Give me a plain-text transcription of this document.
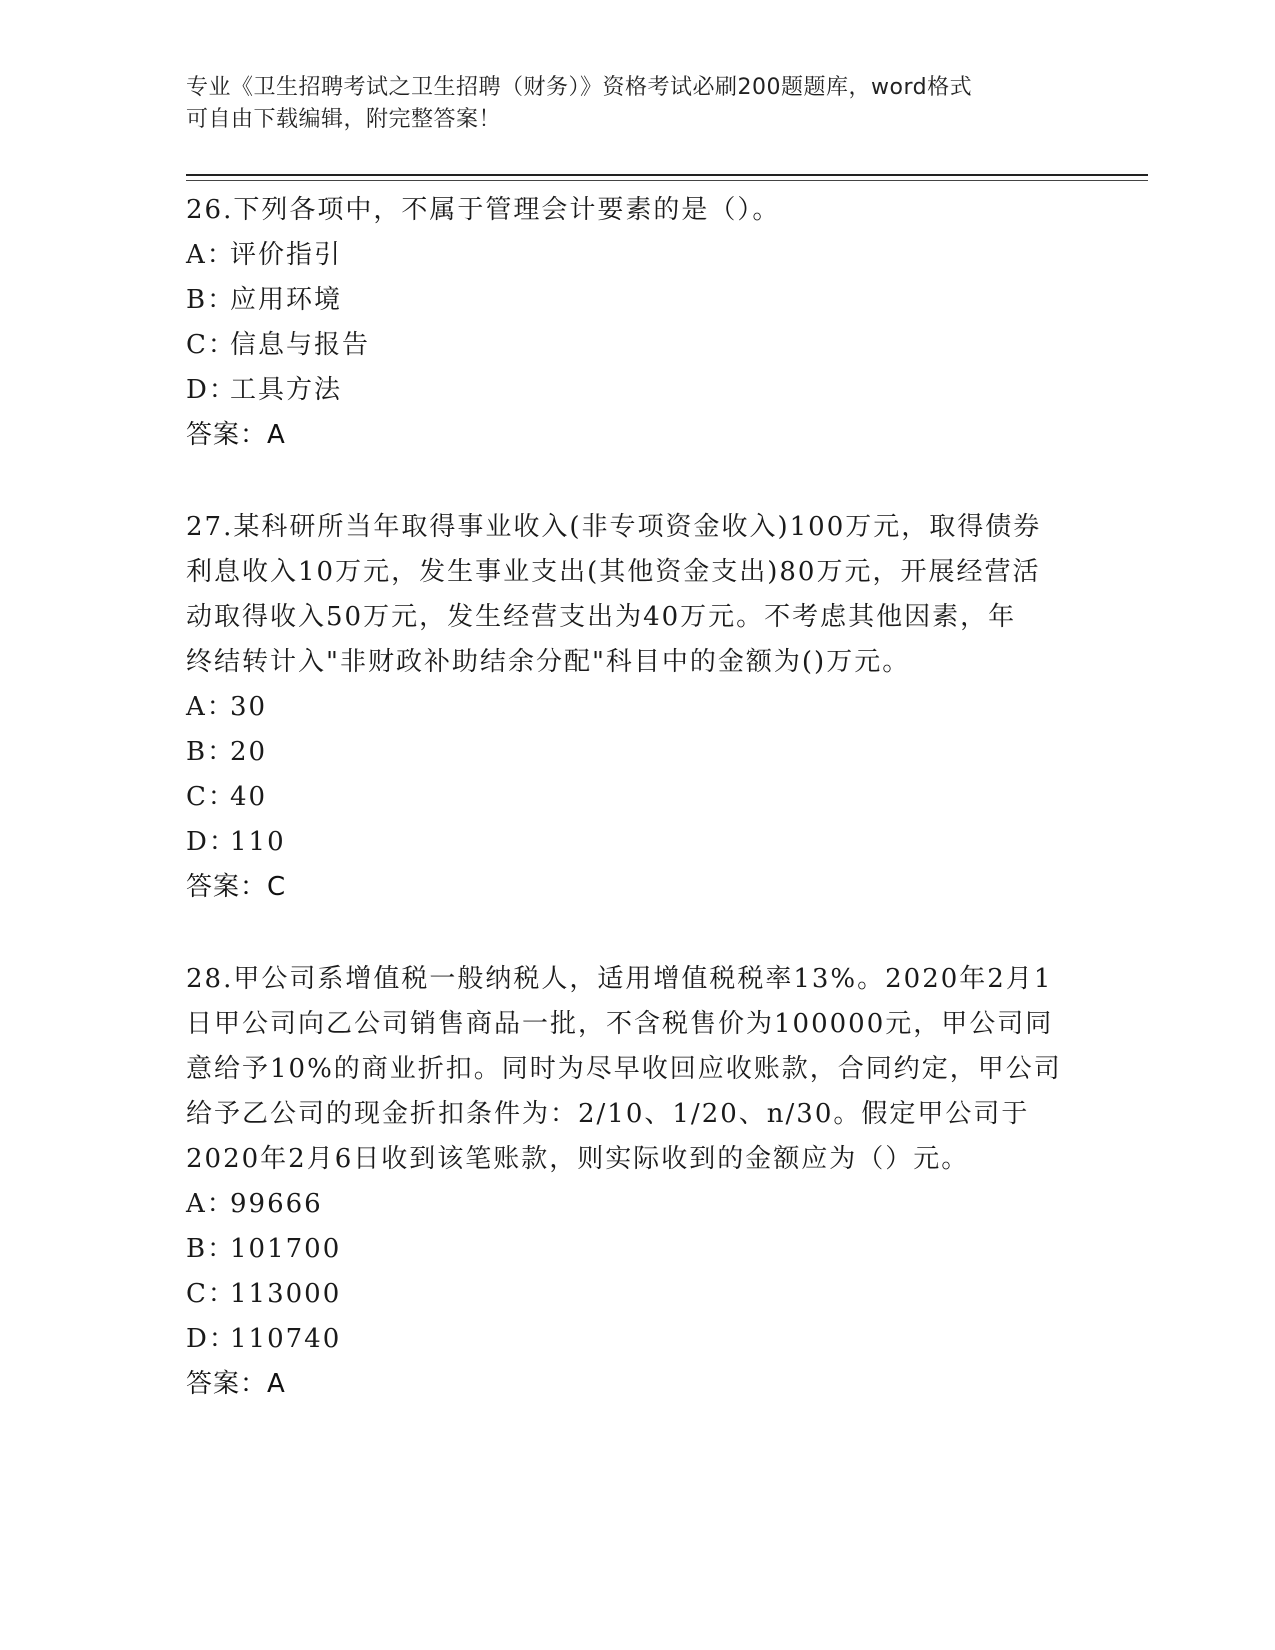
专业《卫生招聘考试之卫生招聘（财务）》资格考试必刷200题题库，word格式
可自由下载编辑，附完整答案！
26.下列各项中，不属于管理会计要素的是（）。
A：评价指引
B：应用环境
C：信息与报告
D：工具方法
答案：A
27.某科研所当年取得事业收入(非专项资金收入)100万元，取得债券
利息收入10万元，发生事业支出(其他资金支出)80万元，开展经营活
动取得收入50万元，发生经营支出为40万元。不考虑其他因素，年
终结转计入"非财政补助结余分配"科目中的金额为()万元。
A：30
B：20
C：40
D：110
答案：C
28.甲公司系增值税一般纳税人，适用增值税税率13%。2020年2月1
日甲公司向乙公司销售商品一批，不含税售价为100000元，甲公司同
意给予10%的商业折扣。同时为尽早收回应收账款，合同约定，甲公司
给予乙公司的现金折扣条件为：2/10、1/20、n/30。假定甲公司于
2020年2月6日收到该笔账款，则实际收到的金额应为（）元。
A：99666
B：101700
C：113000
D：110740
答案：A
